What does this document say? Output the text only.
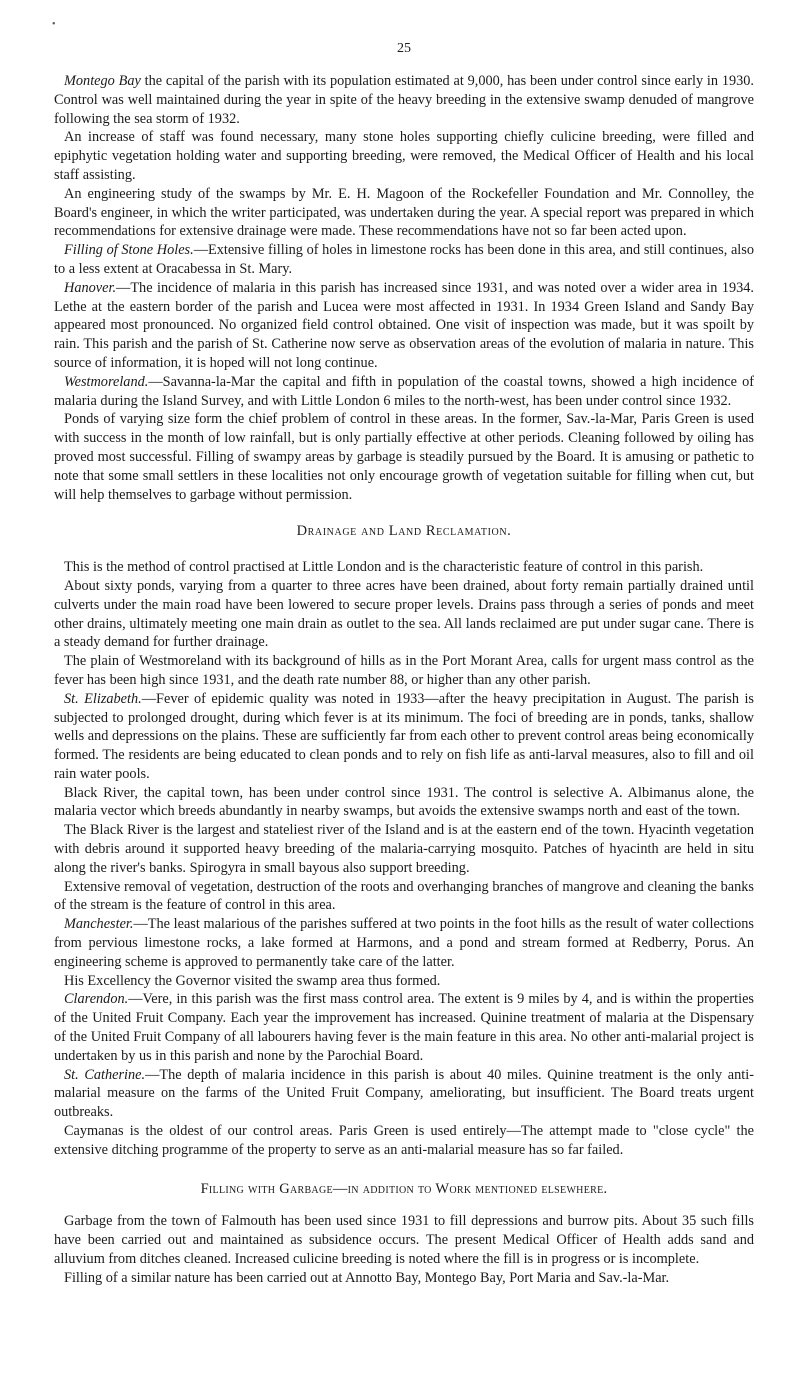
•
25

Montego Bay the capital of the parish with its population estimated at 9,000, has been under control since early in 1930. Control was well maintained during the year in spite of the heavy breeding in the extensive swamp denuded of mangrove following the sea storm of 1932.

An increase of staff was found necessary, many stone holes supporting chiefly culicine breeding, were filled and epiphytic vegetation holding water and supporting breeding, were removed, the Medical Officer of Health and his local staff assisting.

An engineering study of the swamps by Mr. E. H. Magoon of the Rockefeller Foundation and Mr. Connolley, the Board's engineer, in which the writer participated, was undertaken during the year. A special report was prepared in which recommendations for extensive drainage were made. These recommendations have not so far been acted upon.

Filling of Stone Holes.—Extensive filling of holes in limestone rocks has been done in this area, and still continues, also to a less extent at Oracabessa in St. Mary.

Hanover.—The incidence of malaria in this parish has increased since 1931, and was noted over a wider area in 1934. Lethe at the eastern border of the parish and Lucea were most affected in 1931. In 1934 Green Island and Sandy Bay appeared most pronounced. No organized field control obtained. One visit of inspection was made, but it was spoilt by rain. This parish and the parish of St. Catherine now serve as observation areas of the evolution of malaria in nature. This source of information, it is hoped will not long continue.

Westmoreland.—Savanna-la-Mar the capital and fifth in population of the coastal towns, showed a high incidence of malaria during the Island Survey, and with Little London 6 miles to the north-west, has been under control since 1932.

Ponds of varying size form the chief problem of control in these areas. In the former, Sav.-la-Mar, Paris Green is used with success in the month of low rainfall, but is only partially effective at other periods. Cleaning followed by oiling has proved most successful. Filling of swampy areas by garbage is steadily pursued by the Board. It is amusing or pathetic to note that some small settlers in these localities not only encourage growth of vegetation suitable for filling when cut, but will help themselves to garbage without permission.

Drainage and Land Reclamation.

This is the method of control practised at Little London and is the characteristic feature of control in this parish.

About sixty ponds, varying from a quarter to three acres have been drained, about forty remain partially drained until culverts under the main road have been lowered to secure proper levels. Drains pass through a series of ponds and meet other drains, ultimately meeting one main drain as outlet to the sea. All lands reclaimed are put under sugar cane. There is a steady demand for further drainage.

The plain of Westmoreland with its background of hills as in the Port Morant Area, calls for urgent mass control as the fever has been high since 1931, and the death rate number 88, or higher than any other parish.

St. Elizabeth.—Fever of epidemic quality was noted in 1933—after the heavy precipitation in August. The parish is subjected to prolonged drought, during which fever is at its minimum. The foci of breeding are in ponds, tanks, shallow wells and depressions on the plains. These are sufficiently far from each other to prevent control areas being economically formed. The residents are being educated to clean ponds and to rely on fish life as anti-larval measures, also to fill and oil rain water pools.

Black River, the capital town, has been under control since 1931. The control is selective A. Albimanus alone, the malaria vector which breeds abundantly in nearby swamps, but avoids the extensive swamps north and east of the town.

The Black River is the largest and stateliest river of the Island and is at the eastern end of the town. Hyacinth vegetation with debris around it supported heavy breeding of the malaria-carrying mosquito. Patches of hyacinth are held in situ along the river's banks. Spirogyra in small bayous also support breeding.

Extensive removal of vegetation, destruction of the roots and overhanging branches of mangrove and cleaning the banks of the stream is the feature of control in this area.

Manchester.—The least malarious of the parishes suffered at two points in the foot hills as the result of water collections from pervious limestone rocks, a lake formed at Harmons, and a pond and stream formed at Redberry, Porus. An engineering scheme is approved to permanently take care of the latter.

His Excellency the Governor visited the swamp area thus formed.

Clarendon.—Vere, in this parish was the first mass control area. The extent is 9 miles by 4, and is within the properties of the United Fruit Company. Each year the improvement has increased. Quinine treatment of malaria at the Dispensary of the United Fruit Company of all labourers having fever is the main feature in this area. No other anti-malarial project is undertaken by us in this parish and none by the Parochial Board.

St. Catherine.—The depth of malaria incidence in this parish is about 40 miles. Quinine treatment is the only anti-malarial measure on the farms of the United Fruit Company, ameliorating, but insufficient. The Board treats urgent outbreaks.

Caymanas is the oldest of our control areas. Paris Green is used entirely—The attempt made to "close cycle" the extensive ditching programme of the property to serve as an anti-malarial measure has so far failed.

Filling with Garbage—in addition to Work mentioned elsewhere.

Garbage from the town of Falmouth has been used since 1931 to fill depressions and burrow pits. About 35 such fills have been carried out and maintained as subsidence occurs. The present Medical Officer of Health adds sand and alluvium from ditches cleaned. Increased culicine breeding is noted where the fill is in progress or is incomplete.

Filling of a similar nature has been carried out at Annotto Bay, Montego Bay, Port Maria and Sav.-la-Mar.
